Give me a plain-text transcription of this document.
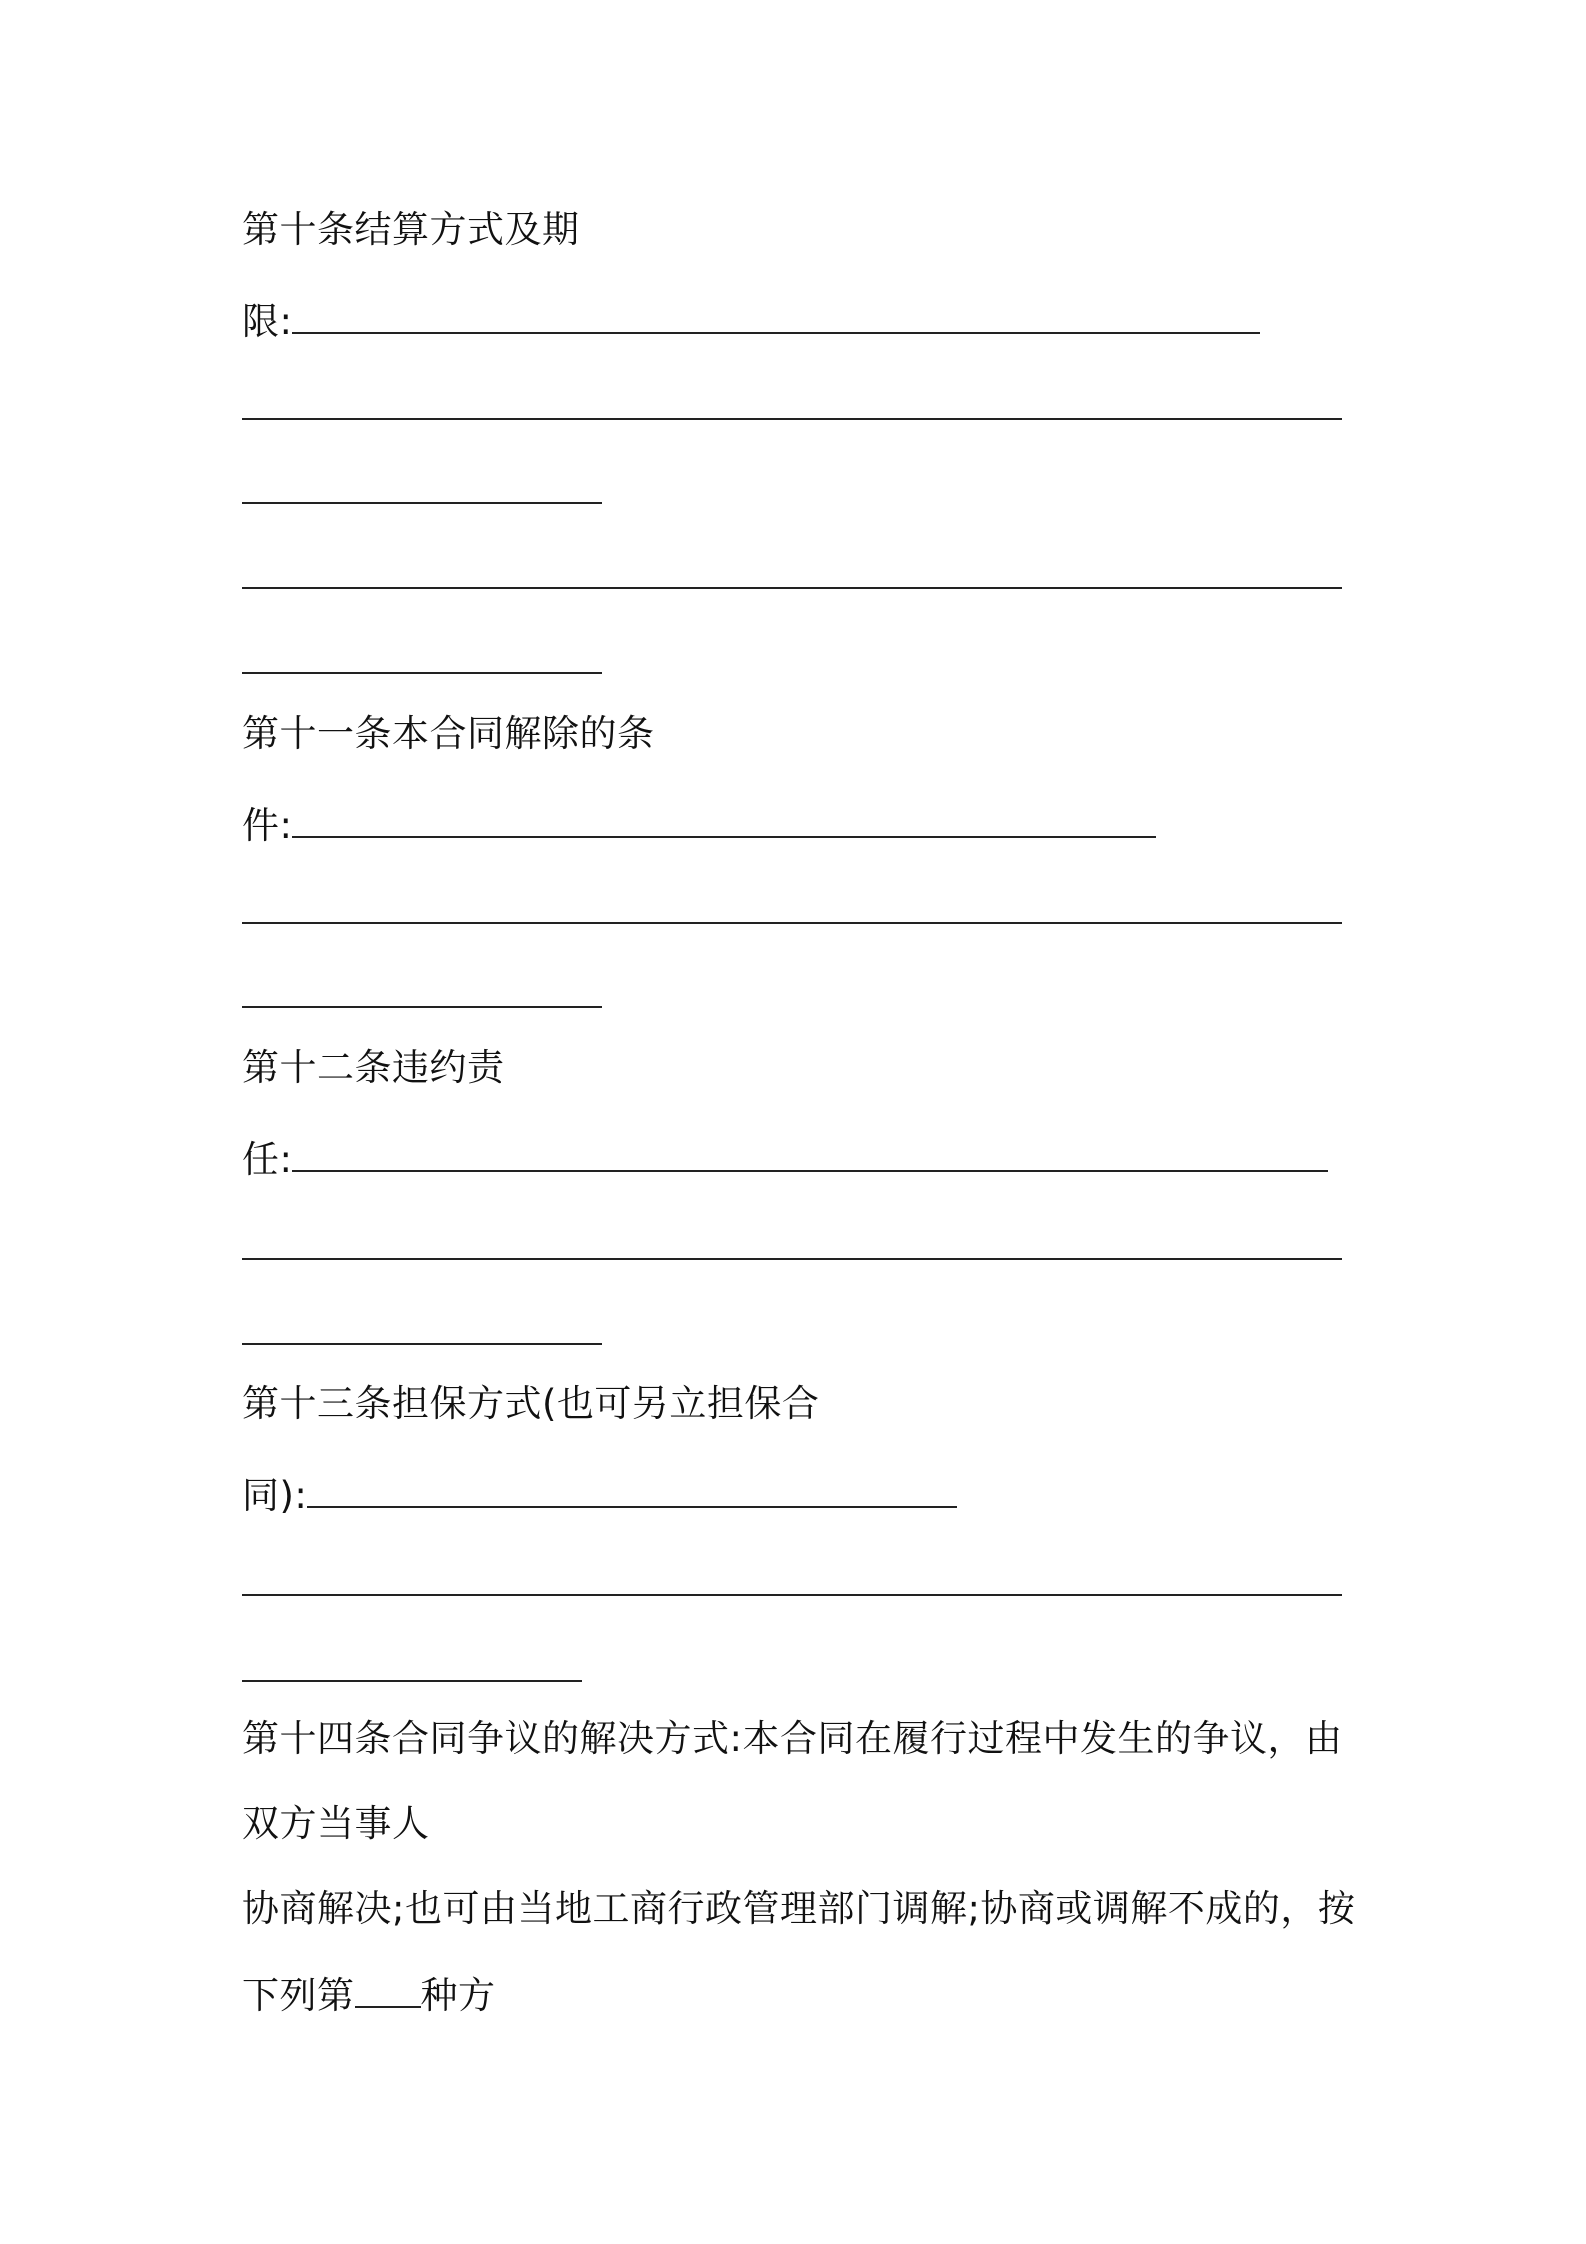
第十条结算方式及期
限:
第十一条本合同解除的条
件:
第十二条违约责
任:
第十三条担保方式(也可另立担保合
同):
第十四条合同争议的解决方式:本合同在履行过程中发生的争议，由
双方当事人
协商解决;也可由当地工商行政管理部门调解;协商或调解不成的，按
下列第 种方
